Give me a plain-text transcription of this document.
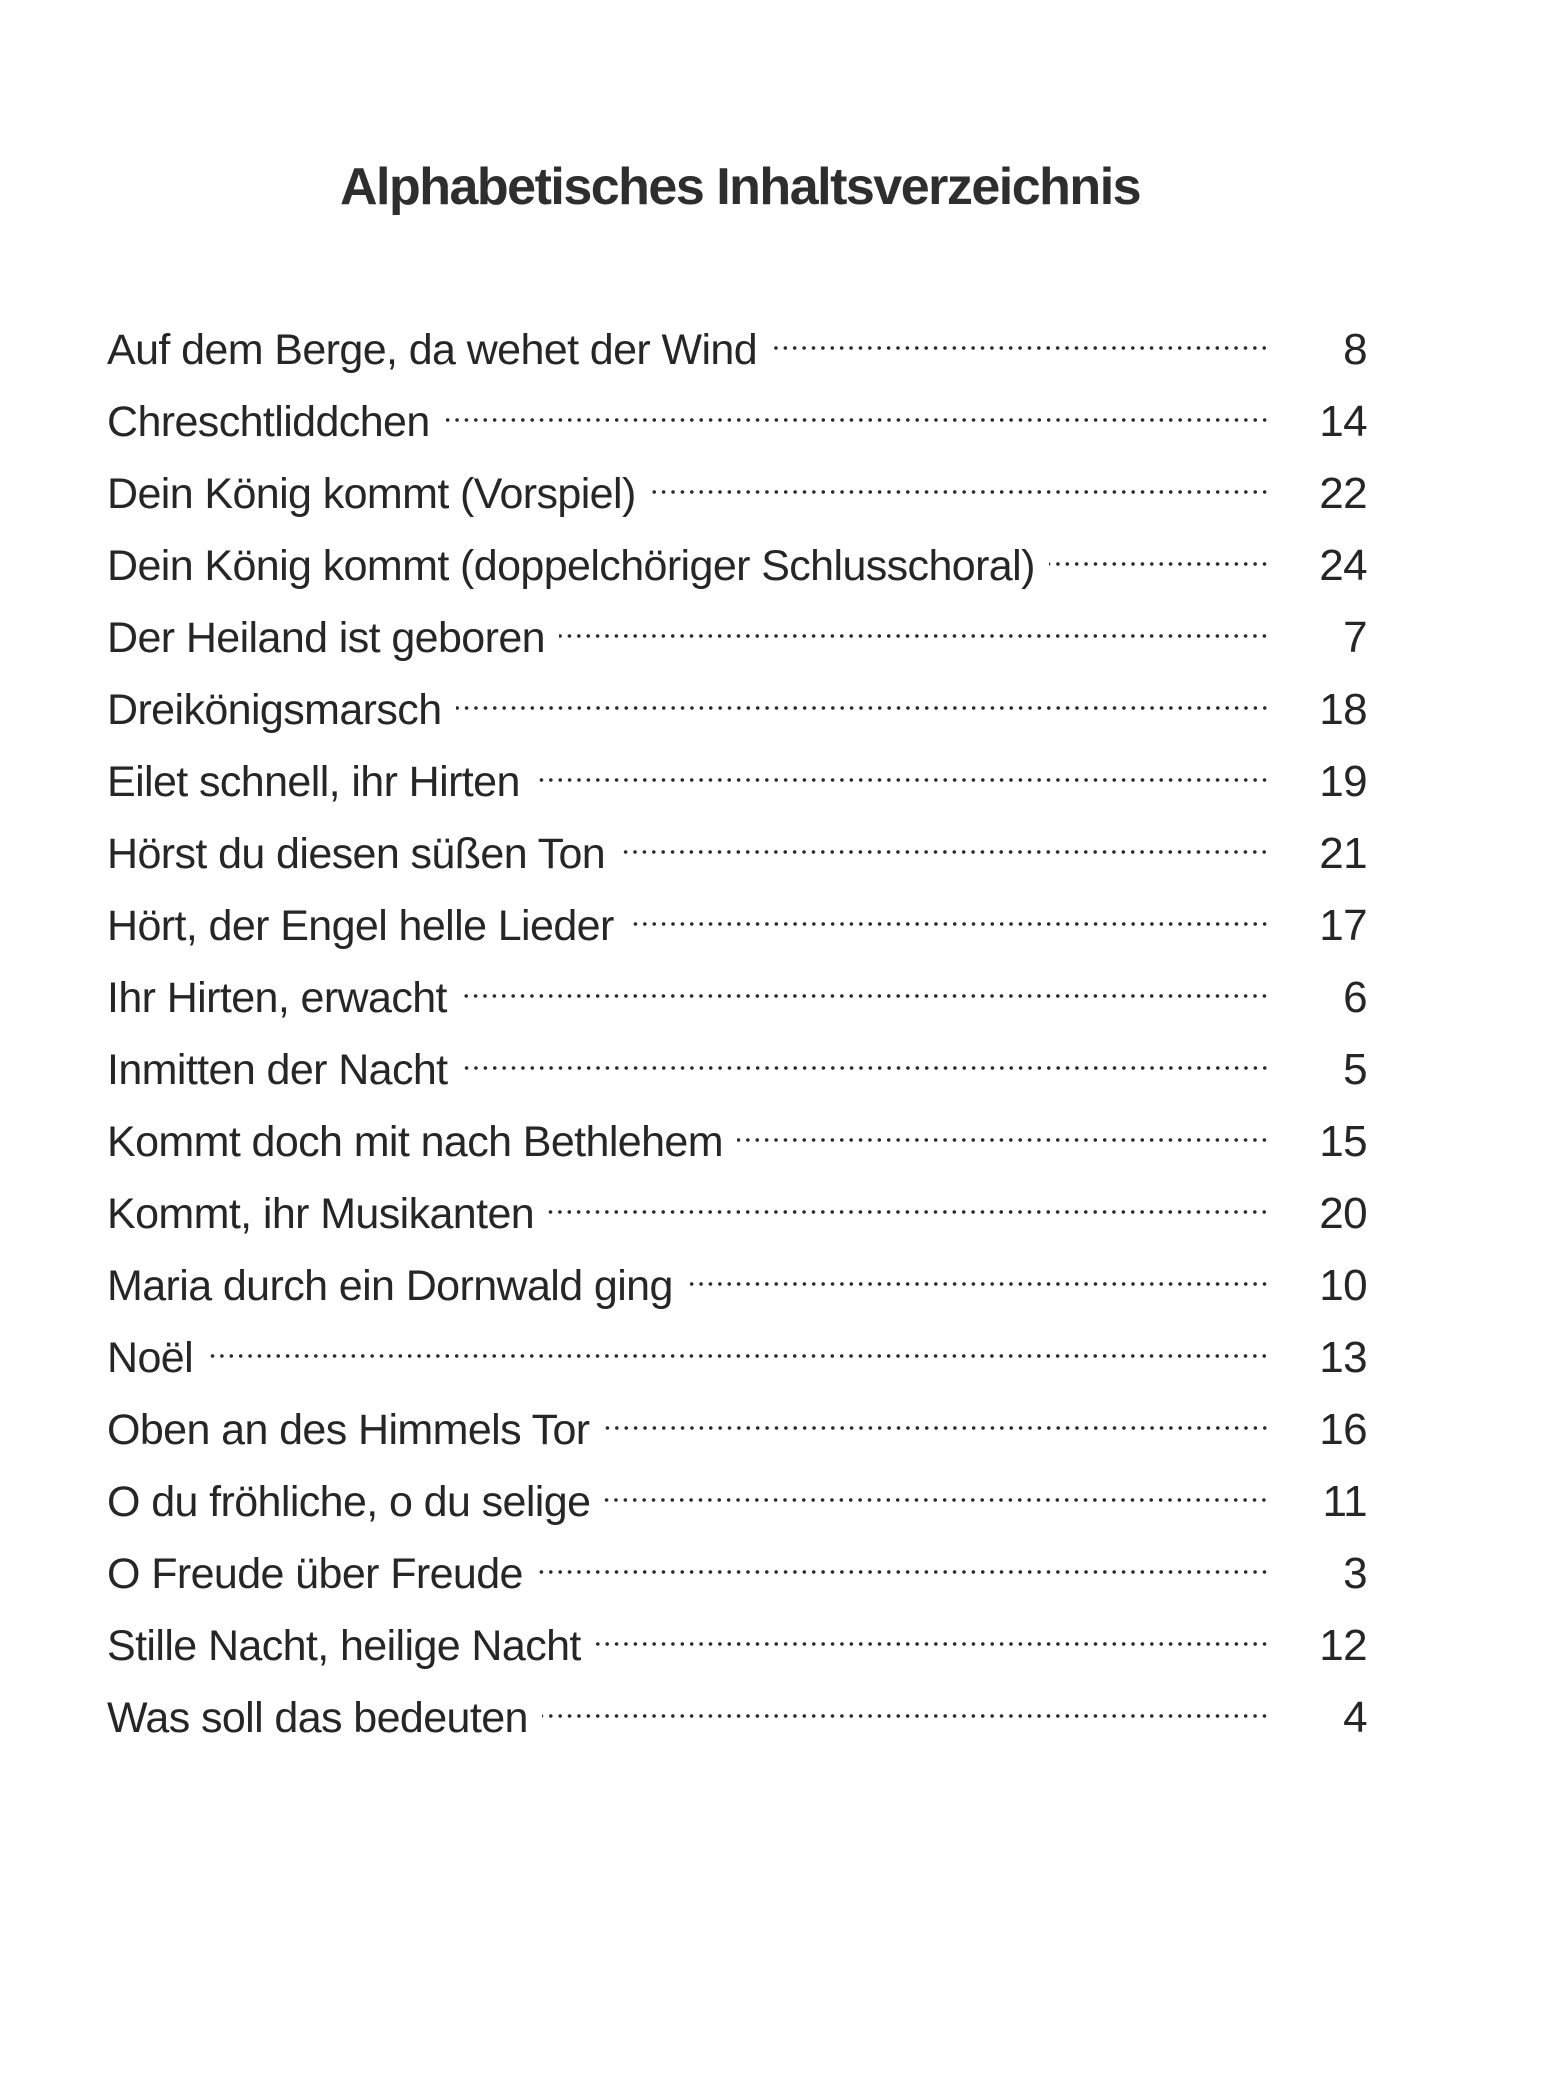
Alphabetisches Inhaltsverzeichnis
Auf dem Berge, da wehet der Wind	8
Chreschtliddchen	14
Dein König kommt (Vorspiel)	22
Dein König kommt (doppelchöriger Schlusschoral)	24
Der Heiland ist geboren	7
Dreikönigsmarsch	18
Eilet schnell, ihr Hirten	19
Hörst du diesen süßen Ton	21
Hört, der Engel helle Lieder	17
Ihr Hirten, erwacht	6
Inmitten der Nacht	5
Kommt doch mit nach Bethlehem	15
Kommt, ihr Musikanten	20
Maria durch ein Dornwald ging	10
Noël	13
Oben an des Himmels Tor	16
O du fröhliche, o du selige	11
O Freude über Freude	3
Stille Nacht, heilige Nacht	12
Was soll das bedeuten	4
